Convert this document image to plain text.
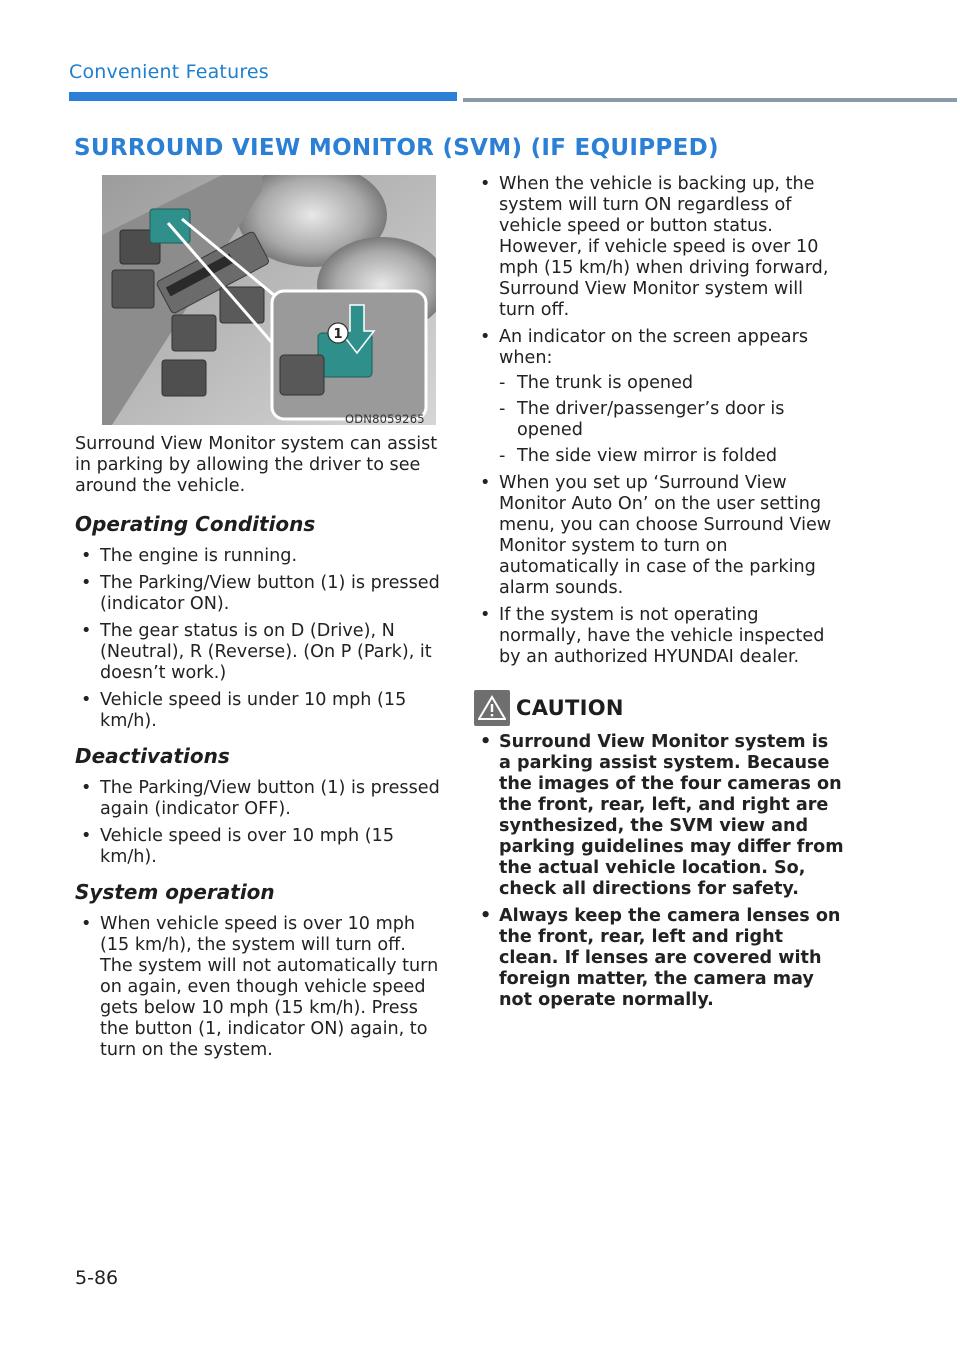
Convenient Features
SURROUND VIEW MONITOR (SVM) (IF EQUIPPED)
1
ODN8059265

Surround View Monitor system can assist in parking by allowing the driver to see around the vehicle.

Operating Conditions
• The engine is running.
• The Parking/View button (1) is pressed (indicator ON).
• The gear status is on D (Drive), N (Neutral), R (Reverse). (On P (Park), it doesn’t work.)
• Vehicle speed is under 10 mph (15 km/h).
Deactivations
• The Parking/View button (1) is pressed again (indicator OFF).
• Vehicle speed is over 10 mph (15 km/h).
System operation
• When vehicle speed is over 10 mph (15 km/h), the system will turn off. The system will not automatically turn on again, even though vehicle speed gets below 10 mph (15 km/h). Press the button (1, indicator ON) again, to turn on the system.
• When the vehicle is backing up, the system will turn ON regardless of vehicle speed or button status. However, if vehicle speed is over 10 mph (15 km/h) when driving forward, Surround View Monitor system will turn off.
• An indicator on the screen appears when:
- The trunk is opened
- The driver/passenger’s door is opened
- The side view mirror is folded
• When you set up ‘Surround View Monitor Auto On’ on the user setting menu, you can choose Surround View Monitor system to turn on automatically in case of the parking alarm sounds.
• If the system is not operating normally, have the vehicle inspected by an authorized HYUNDAI dealer.
CAUTION
• Surround View Monitor system is a parking assist system. Because the images of the four cameras on the front, rear, left, and right are synthesized, the SVM view and parking guidelines may differ from the actual vehicle location. So, check all directions for safety.
• Always keep the camera lenses on the front, rear, left and right clean. If lenses are covered with foreign matter, the camera may not operate normally.
5-86
